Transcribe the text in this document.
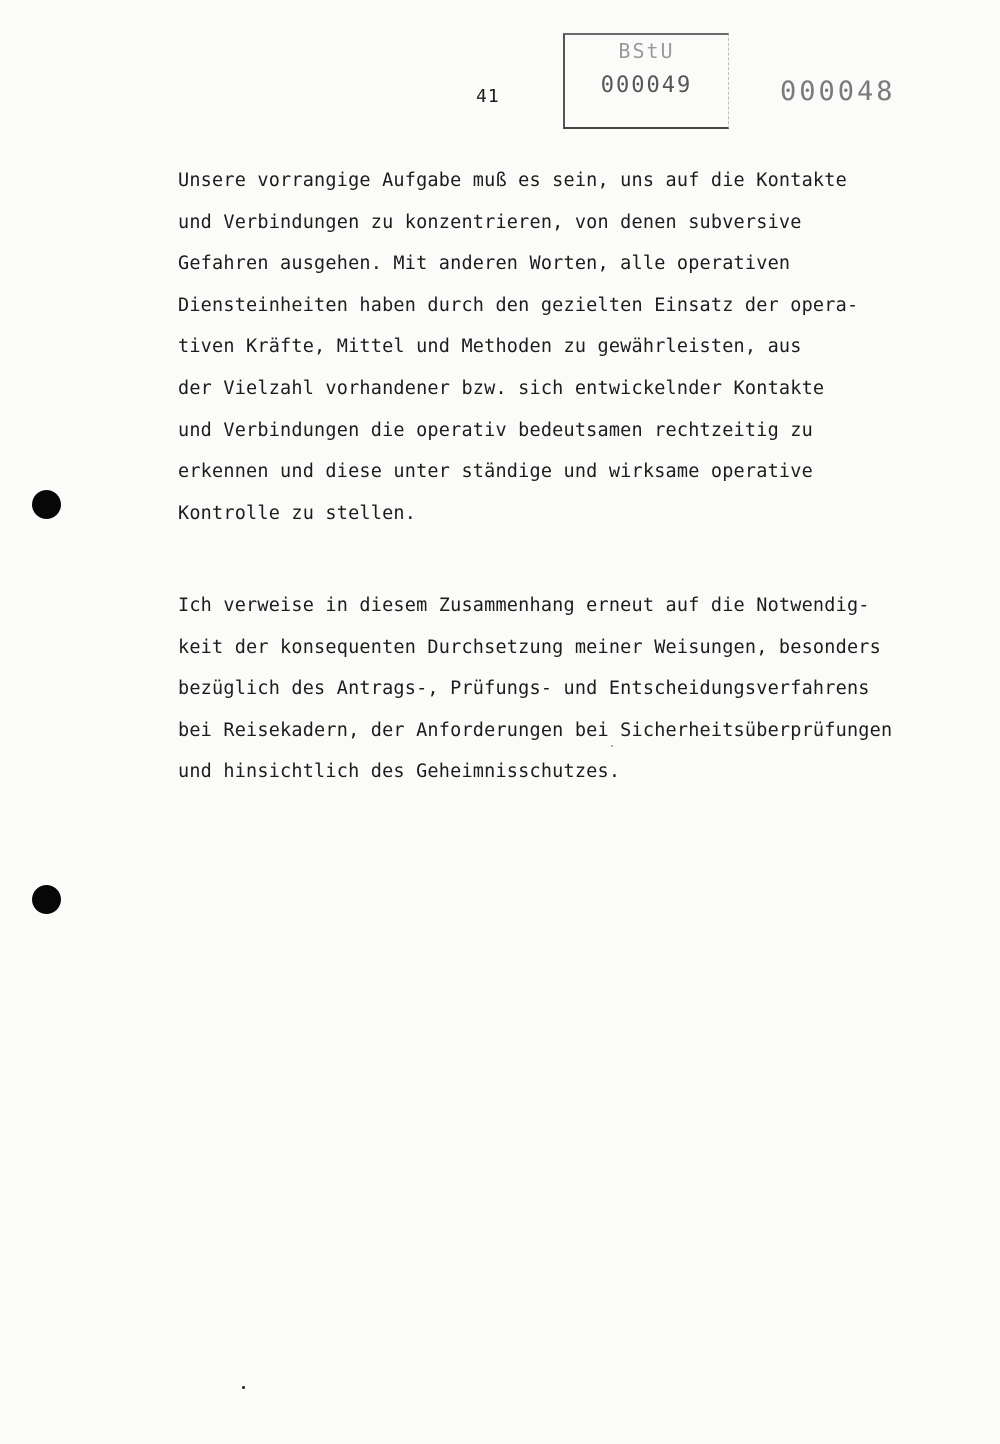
41
BStU
000049	000048

Unsere vorrangige Aufgabe muß es sein, uns auf die Kontakte
und Verbindungen zu konzentrieren, von denen subversive
Gefahren ausgehen. Mit anderen Worten, alle operativen
Diensteinheiten haben durch den gezielten Einsatz der opera-
tiven Kräfte, Mittel und Methoden zu gewährleisten, aus
der Vielzahl vorhandener bzw. sich entwickelnder Kontakte
und Verbindungen die operativ bedeutsamen rechtzeitig zu
erkennen und diese unter ständige und wirksame operative
Kontrolle zu stellen.

Ich verweise in diesem Zusammenhang erneut auf die Notwendig-
keit der konsequenten Durchsetzung meiner Weisungen, besonders
bezüglich des Antrags-, Prüfungs- und Entscheidungsverfahrens
bei Reisekadern, der Anforderungen bei Sicherheitsüberprüfungen
und hinsichtlich des Geheimnisschutzes.
